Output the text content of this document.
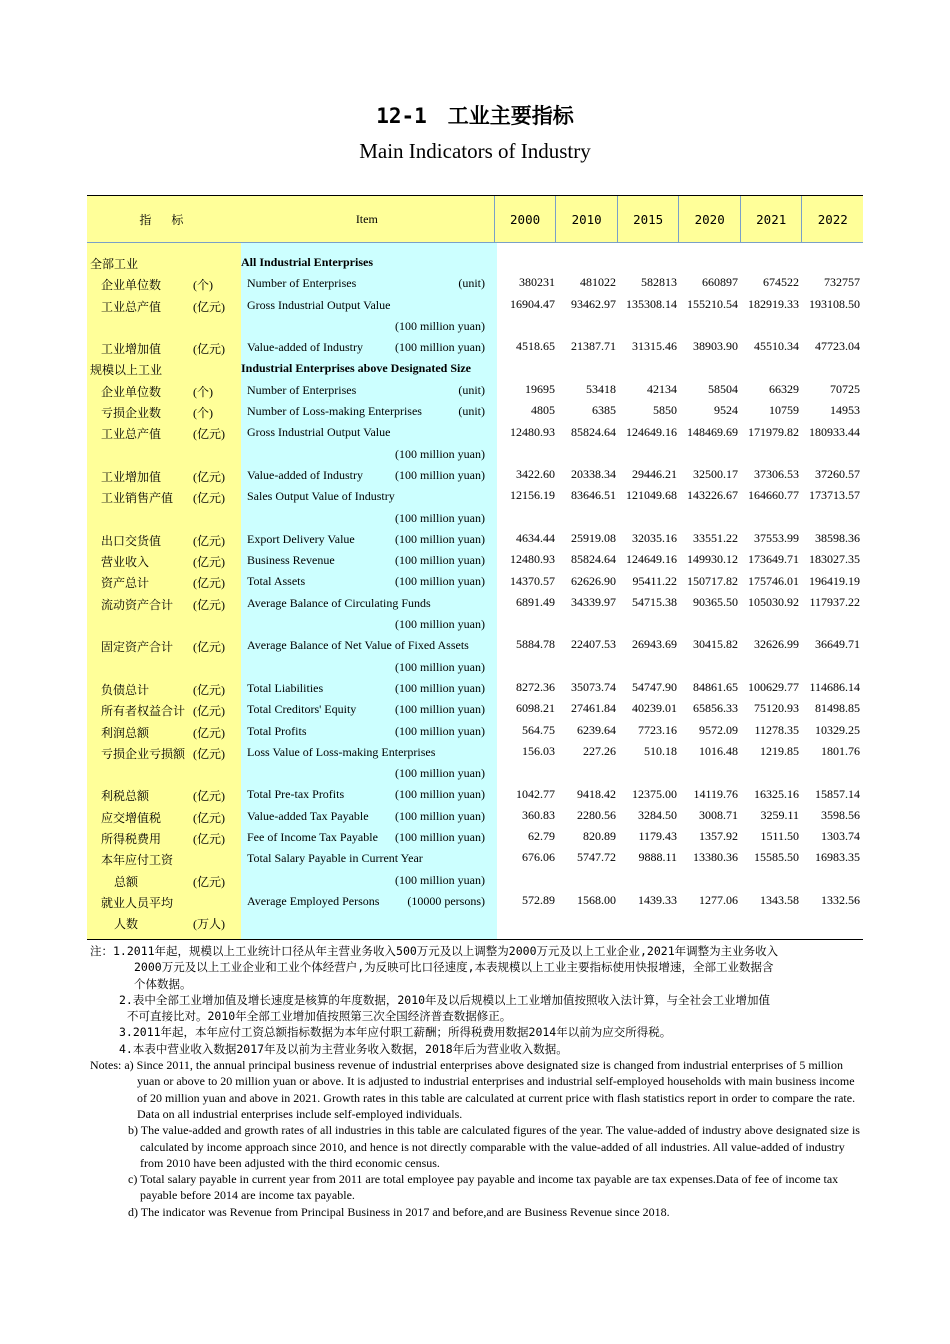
12-1　工业主要指标
Main Indicators of Industry
指　标	Item	2000	2010	2015	2020	2021	2022
全部工业	All Industrial Enterprises
企业单位数	(个)	Number of Enterprises	(unit)	380231	481022	582813	660897	674522	732757
工业总产值	(亿元) Gross Industrial Output Value	16904.47	93462.97 135308.14 155210.54 182919.33 193108.50
(100 million yuan)
工业增加值	(亿元) Value-added of Industry	(100 million yuan)	4518.65	21387.71	31315.46	38903.90	45510.34	47723.04
规模以上工业	Industrial Enterprises above Designated Size
企业单位数	(个)	Number of Enterprises	(unit)	19695	53418	42134	58504	66329	70725
亏损企业数	(个)	Number of Loss-making Enterprises	(unit)	4805	6385	5850	9524	10759	14953
工业总产值	(亿元) Gross Industrial Output Value	12480.93	85824.64 124649.16 148469.69 171979.82 180933.44
(100 million yuan)
工业增加值	(亿元) Value-added of Industry	(100 million yuan)	3422.60	20338.34	29446.21	32500.17	37306.53	37260.57
工业销售产值 (亿元) Sales Output Value of Industry	12156.19	83646.51 121049.68 143226.67 164660.77 173713.57
(100 million yuan)
出口交货值	(亿元) Export Delivery Value	(100 million yuan)	4634.44	25919.08	32035.16	33551.22	37553.99	38598.36
营业收入	(亿元) Business Revenue	(100 million yuan)	12480.93	85824.64 124649.16 149930.12 173649.71 183027.35
资产总计	(亿元) Total Assets	(100 million yuan)	14370.57	62626.90	95411.22 150717.82 175746.01 196419.19
流动资产合计 (亿元) Average Balance of Circulating Funds	6891.49	34339.97	54715.38	90365.50 105030.92 117937.22
(100 million yuan)
固定资产合计 (亿元) Average Balance of Net Value of Fixed Assets	5884.78	22407.53	26943.69	30415.82	32626.99	36649.71
(100 million yuan)
负债总计	(亿元) Total Liabilities	(100 million yuan)	8272.36	35073.74	54747.90	84861.65 100629.77 114686.14
所有者权益合计 (亿元) Total Creditors' Equity	(100 million yuan)	6098.21	27461.84	40239.01	65856.33	75120.93	81498.85
利润总额	(亿元) Total Profits	(100 million yuan)	564.75	6239.64	7723.16	9572.09	11278.35	10329.25
亏损企业亏损额 (亿元) Loss Value of Loss-making Enterprises	156.03	227.26	510.18	1016.48	1219.85	1801.76
(100 million yuan)
利税总额	(亿元) Total Pre-tax Profits	(100 million yuan)	1042.77	9418.42	12375.00	14119.76	16325.16	15857.14
应交增值税	(亿元) Value-added Tax Payable (100 million yuan)	360.83	2280.56	3284.50	3008.71	3259.11	3598.56
所得税费用	(亿元) Fee of Income Tax Payable (100 million yuan)	62.79	820.89	1179.43	1357.92	1511.50	1303.74
本年应付工资	Total Salary Payable in Current Year	676.06	5747.72	9888.11	13380.36	15585.50	16983.35
总额	(亿元)	(100 million yuan)
就业人员平均	Average Employed Persons (10000 persons)	572.89	1568.00	1439.33	1277.06	1343.58	1332.56
人数	(万人)
注：1.2011年起，规模以上工业统计口径从年主营业务收入500万元及以上调整为2000万元及以上工业企业,2021年调整为主业务收入
2000万元及以上工业企业和工业个体经营户,为反映可比口径速度,本表规模以上工业主要指标使用快报增速，全部工业数据含
个体数据。
2.表中全部工业增加值及增长速度是核算的年度数据，2010年及以后规模以上工业增加值按照收入法计算，与全社会工业增加值
不可直接比对。2010年全部工业增加值按照第三次全国经济普查数据修正。
3.2011年起，本年应付工资总额指标数据为本年应付职工薪酬；所得税费用数据2014年以前为应交所得税。
4.本表中营业收入数据2017年及以前为主营业务收入数据，2018年后为营业收入数据。
Notes: a) Since 2011, the annual principal business revenue of industrial enterprises above designated size is changed from industrial enterprises of 5 million yuan or above to 20 million yuan or above. It is adjusted to industrial enterprises and industrial self-employed households with main business income of 20 million yuan and above in 2021. Growth rates in this table are calculated at current price with flash statistics report in order to compare the rate. Data on all industrial enterprises include self-employed individuals.
b) The value-added and growth rates of all industries in this table are calculated figures of the year. The value-added of industry above designated size is calculated by income approach since 2010, and hence is not directly comparable with the value-added of all industries. All value-added of industry from 2010 have been adjusted with the third economic census.
c) Total salary payable in current year from 2011 are total employee pay payable and income tax payable are tax expenses.Data of fee of income tax payable before 2014 are income tax payable.
d) The indicator was Revenue from Principal Business in 2017 and before,and are Business Revenue since 2018.
